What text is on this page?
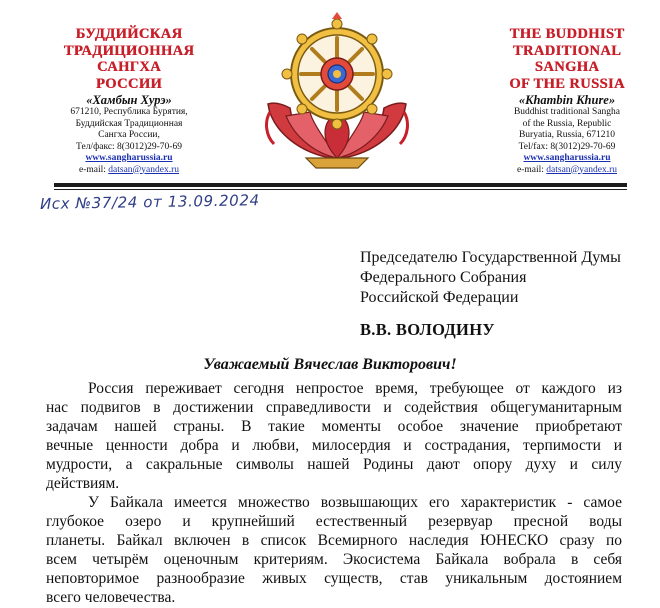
БУДДИЙСКАЯ
ТРАДИЦИОННАЯ
САНГХА
РОССИИ
«Хамбын Хурэ»
671210, Республика Бурятия,
Буддийская Традиционная
Сангха России,
Тел/факс: 8(3012)29-70-69
www.sangharussia.ru
e-mail: datsan@yandex.ru
THE BUDDHIST
TRADITIONAL
SANGHA
OF THE RUSSIA
«Khambin Khure»
Buddhist traditional Sangha
of the Russia, Republic
Buryatia, Russia, 671210
Tel/fax: 8(3012)29-70-69
www.sangharussia.ru
e-mail: datsan@yandex.ru
Исх №37/24 от 13.09.2024
Председателю Государственной Думы
Федерального Собрания
Российской Федерации
В.В. ВОЛОДИНУ
Уважаемый Вячеслав Викторович!

Россия переживает сегодня непростое время, требующее от каждого из
нас подвигов в достижении справедливости и содействия общегуманитарным
задачам нашей страны. В такие моменты особое значение приобретают
вечные ценности добра и любви, милосердия и сострадания, терпимости и
мудрости, а сакральные символы нашей Родины дают опору духу и силу
действиям.

У Байкала имеется множество возвышающих его характеристик - самое
глубокое озеро и крупнейший естественный резервуар пресной воды
планеты. Байкал включен в список Всемирного наследия ЮНЕСКО сразу по
всем четырём оценочным критериям. Экосистема Байкала вобрала в себя
неповторимое разнообразие живых существ, став уникальным достоянием
всего человечества.
